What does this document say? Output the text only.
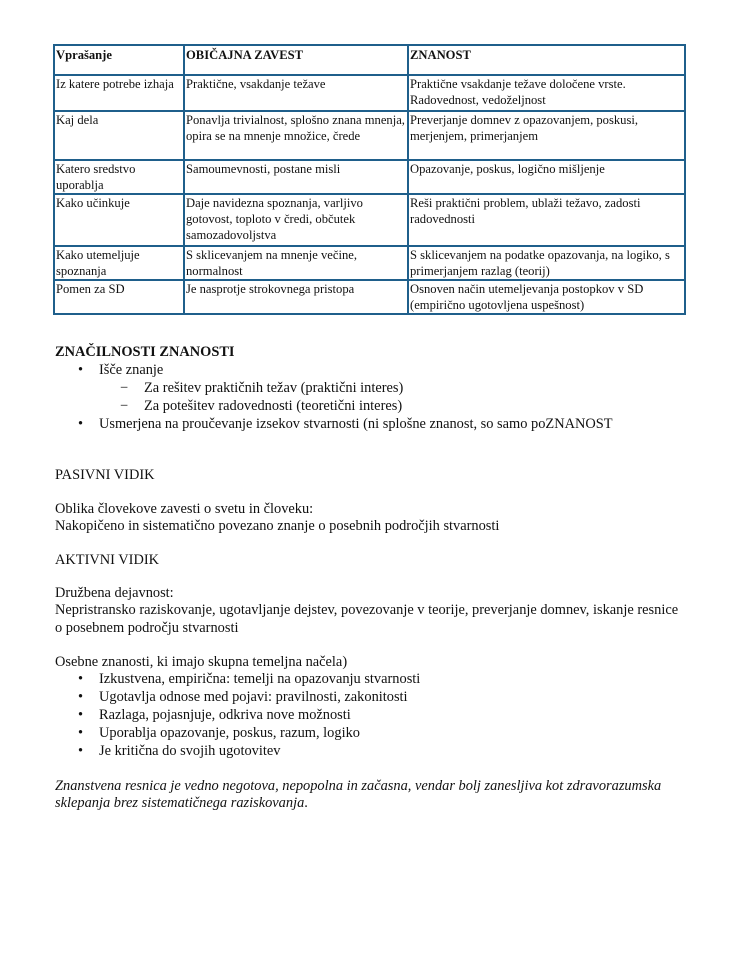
Vprašanje	OBIČAJNA ZAVEST	ZNANOST
Iz katere potrebe izhaja	Praktične, vsakdanje težave	Praktične vsakdanje težave določene vrste. Radovednost, vedoželjnost
Kaj dela	Ponavlja trivialnost, splošno znana mnenja, opira se na mnenje množice, črede	Preverjanje domnev z opazovanjem, poskusi, merjenjem, primerjanjem
Katero sredstvo uporablja	Samoumevnosti, postane misli	Opazovanje, poskus, logično mišljenje
Kako učinkuje	Daje navidezna spoznanja, varljivo gotovost, toploto v čredi, občutek samozadovoljstva	Reši praktični problem, ublaži težavo, zadosti radovednosti
Kako utemeljuje spoznanja	S sklicevanjem na mnenje večine, normalnost	S sklicevanjem na podatke opazovanja, na logiko, s primerjanjem razlag (teorij)
Pomen za SD	Je nasprotje strokovnega pristopa	Osnoven način utemeljevanja postopkov v SD (empirično ugotovljena uspešnost)
ZNAČILNOSTI ZNANOSTI
• Išče znanje
− Za rešitev praktičnih težav (praktični interes)
− Za potešitev radovednosti (teoretični interes)
• Usmerjena na proučevanje izsekov stvarnosti (ni splošne znanost, so samo poZNANOST
PASIVNI VIDIK
Oblika človekove zavesti o svetu in človeku:
Nakopičeno in sistematično povezano znanje o posebnih področjih stvarnosti
AKTIVNI VIDIK
Družbena dejavnost:
Nepristransko raziskovanje, ugotavljanje dejstev, povezovanje v teorije, preverjanje domnev, iskanje resnice
o posebnem področju stvarnosti
Osebne znanosti, ki imajo skupna temeljna načela)
• Izkustvena, empirična: temelji na opazovanju stvarnosti
• Ugotavlja odnose med pojavi: pravilnosti, zakonitosti
• Razlaga, pojasnjuje, odkriva nove možnosti
• Uporablja opazovanje, poskus, razum, logiko
• Je kritična do svojih ugotovitev
Znanstvena resnica je vedno negotova, nepopolna in začasna, vendar bolj zanesljiva kot zdravorazumska
sklepanja brez sistematičnega raziskovanja.
